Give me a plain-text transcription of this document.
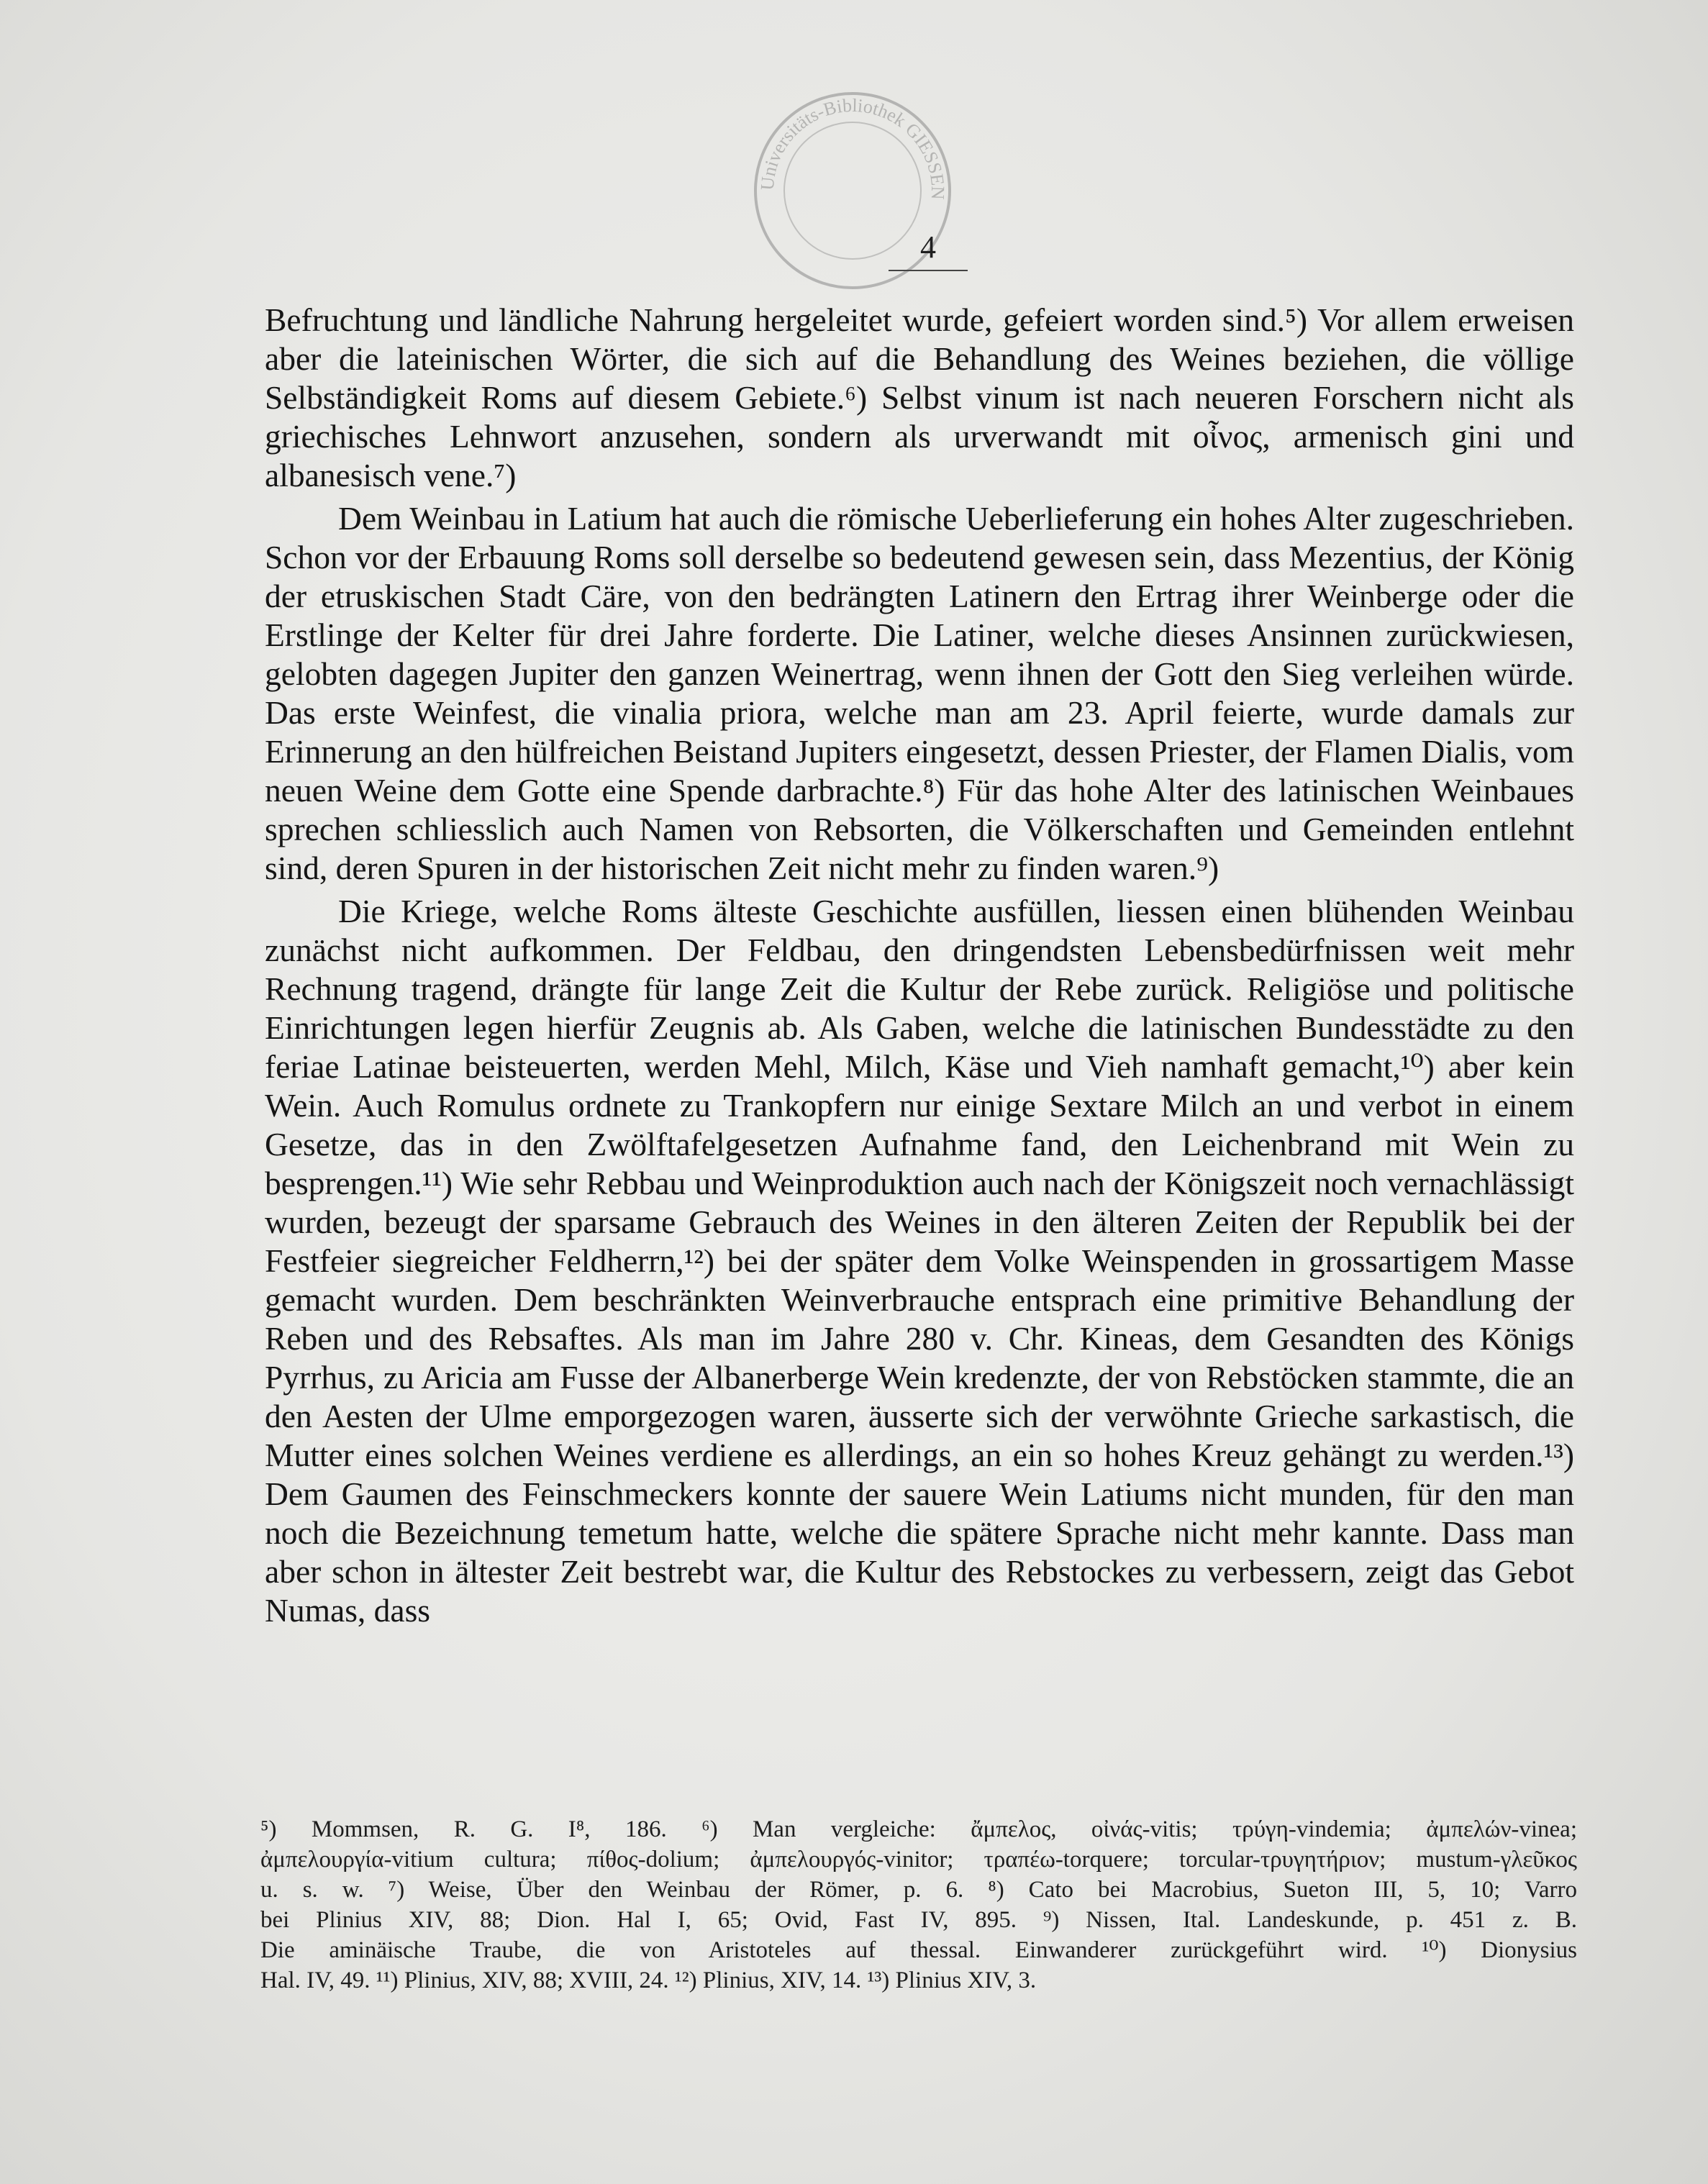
Universitäts-Bibliothek GIESSEN
4

Befruchtung und ländliche Nahrung hergeleitet wurde, gefeiert worden sind.⁵) Vor allem erweisen aber die lateinischen Wörter, die sich auf die Behandlung des Weines beziehen, die völlige Selbständigkeit Roms auf diesem Gebiete.⁶) Selbst vinum ist nach neueren Forschern nicht als griechisches Lehnwort anzusehen, sondern als urverwandt mit οἶνος, armenisch gini und albanesisch vene.⁷)

Dem Weinbau in Latium hat auch die römische Ueberlieferung ein hohes Alter zugeschrieben. Schon vor der Erbauung Roms soll derselbe so bedeutend gewesen sein, dass Mezentius, der König der etruskischen Stadt Cäre, von den bedrängten Latinern den Ertrag ihrer Weinberge oder die Erstlinge der Kelter für drei Jahre forderte. Die Latiner, welche dieses Ansinnen zurückwiesen, gelobten dagegen Jupiter den ganzen Weinertrag, wenn ihnen der Gott den Sieg verleihen würde. Das erste Weinfest, die vinalia priora, welche man am 23. April feierte, wurde damals zur Erinnerung an den hülfreichen Beistand Jupiters eingesetzt, dessen Priester, der Flamen Dialis, vom neuen Weine dem Gotte eine Spende darbrachte.⁸) Für das hohe Alter des latinischen Weinbaues sprechen schliesslich auch Namen von Rebsorten, die Völkerschaften und Gemeinden entlehnt sind, deren Spuren in der historischen Zeit nicht mehr zu finden waren.⁹)

Die Kriege, welche Roms älteste Geschichte ausfüllen, liessen einen blühenden Weinbau zunächst nicht aufkommen. Der Feldbau, den dringendsten Lebensbedürfnissen weit mehr Rechnung tragend, drängte für lange Zeit die Kultur der Rebe zurück. Religiöse und politische Einrichtungen legen hierfür Zeugnis ab. Als Gaben, welche die latinischen Bundesstädte zu den feriae Latinae beisteuerten, werden Mehl, Milch, Käse und Vieh namhaft gemacht,¹⁰) aber kein Wein. Auch Romulus ordnete zu Trankopfern nur einige Sextare Milch an und verbot in einem Gesetze, das in den Zwölftafelgesetzen Aufnahme fand, den Leichenbrand mit Wein zu besprengen.¹¹) Wie sehr Rebbau und Weinproduktion auch nach der Königszeit noch vernachlässigt wurden, bezeugt der sparsame Gebrauch des Weines in den älteren Zeiten der Republik bei der Festfeier siegreicher Feldherrn,¹²) bei der später dem Volke Weinspenden in grossartigem Masse gemacht wurden. Dem beschränkten Weinverbrauche entsprach eine primitive Behandlung der Reben und des Rebsaftes. Als man im Jahre 280 v. Chr. Kineas, dem Gesandten des Königs Pyrrhus, zu Aricia am Fusse der Albanerberge Wein kredenzte, der von Rebstöcken stammte, die an den Aesten der Ulme emporgezogen waren, äusserte sich der verwöhnte Grieche sarkastisch, die Mutter eines solchen Weines verdiene es allerdings, an ein so hohes Kreuz gehängt zu werden.¹³) Dem Gaumen des Feinschmeckers konnte der sauere Wein Latiums nicht munden, für den man noch die Bezeichnung temetum hatte, welche die spätere Sprache nicht mehr kannte. Dass man aber schon in ältester Zeit bestrebt war, die Kultur des Rebstockes zu verbessern, zeigt das Gebot Numas, dass

⁵) Mommsen, R. G. I⁸, 186. ⁶) Man vergleiche: ἄμπελος, οἰνάς-vitis; τρύγη-vindemia; ἀμπελών-vinea;
ἀμπελουργία-vitium cultura; πίθος-dolium; ἀμπελουργός-vinitor; τραπέω-torquere; torcular-τρυγητήριον; mustum-γλεῦκος
u. s. w. ⁷) Weise, Über den Weinbau der Römer, p. 6. ⁸) Cato bei Macrobius, Sueton III, 5, 10; Varro
bei Plinius XIV, 88; Dion. Hal I, 65; Ovid, Fast IV, 895. ⁹) Nissen, Ital. Landeskunde, p. 451 z. B.
Die aminäische Traube, die von Aristoteles auf thessal. Einwanderer zurückgeführt wird. ¹⁰) Dionysius
Hal. IV, 49. ¹¹) Plinius, XIV, 88; XVIII, 24. ¹²) Plinius, XIV, 14. ¹³) Plinius XIV, 3.
